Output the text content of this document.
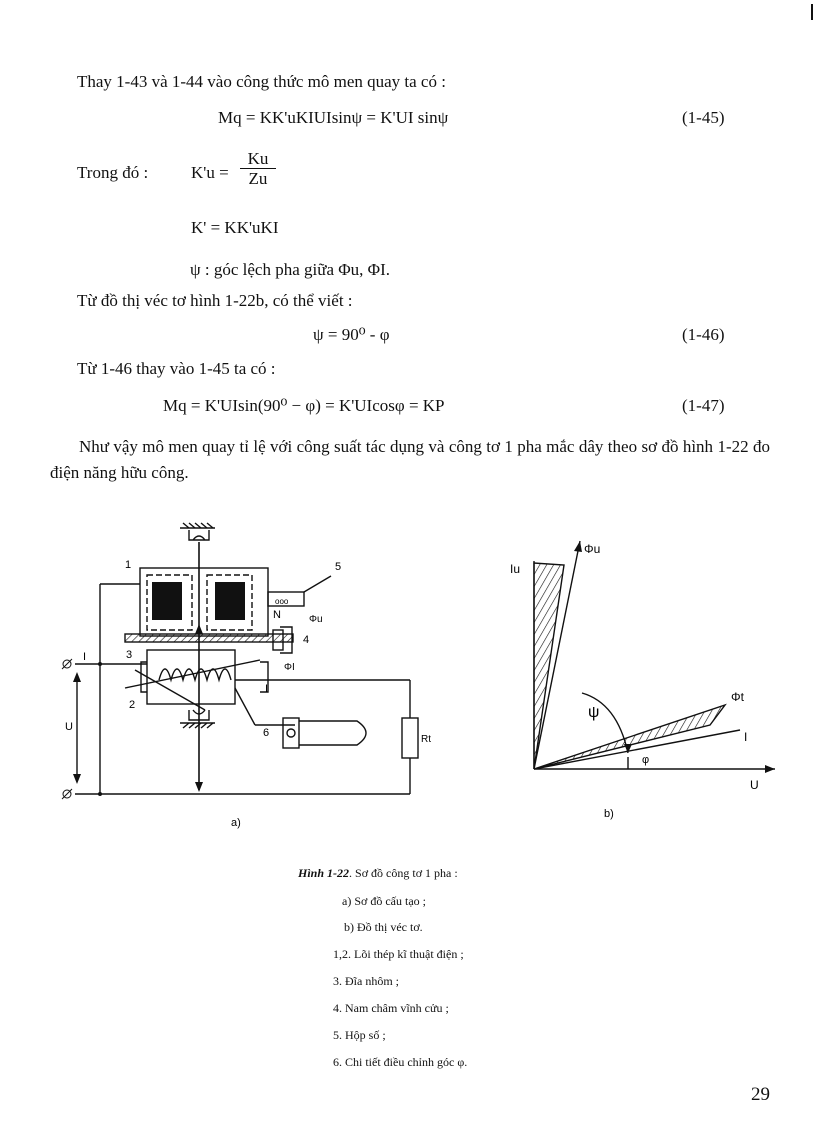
Thay 1-43 và 1-44 vào công thức mô men quay ta có :
Mq = KK'uKIUIsinψ = K'UI sinψ	(1-45)
Trong đó :	$K'u = \frac{Ku}{Zu}$
K' = KK'uKI
ψ : góc lệch pha giữa Φu, ΦI.
Từ đồ thị véc tơ hình 1-22b, có thể viết :
ψ = 90⁰ - φ	(1-46)
Từ 1-46 thay vào 1-45 ta có :
Mq = K'UIsin(90⁰ − φ) = K'UIcosφ = KP	(1-47)
Như vậy mô men quay tỉ lệ với công suất tác dụng và công tơ 1 pha mắc dây theo sơ đồ hình 1-22 đo điện năng hữu công.
1	5
ooo
N	Φu
4
3
ΦI
I
I
2
U	6
Rt
a)
Iu
Φu
Φt
I
U
ψ
φ
b)
Hình 1-22. Sơ đồ công tơ 1 pha :
a) Sơ đồ cấu tạo ;
b) Đồ thị véc tơ.
1,2. Lõi thép kĩ thuật điện ;
3. Đĩa nhôm ;
4. Nam châm vĩnh cửu ;
5. Hộp số ;
6. Chi tiết điều chỉnh góc φ.
29
